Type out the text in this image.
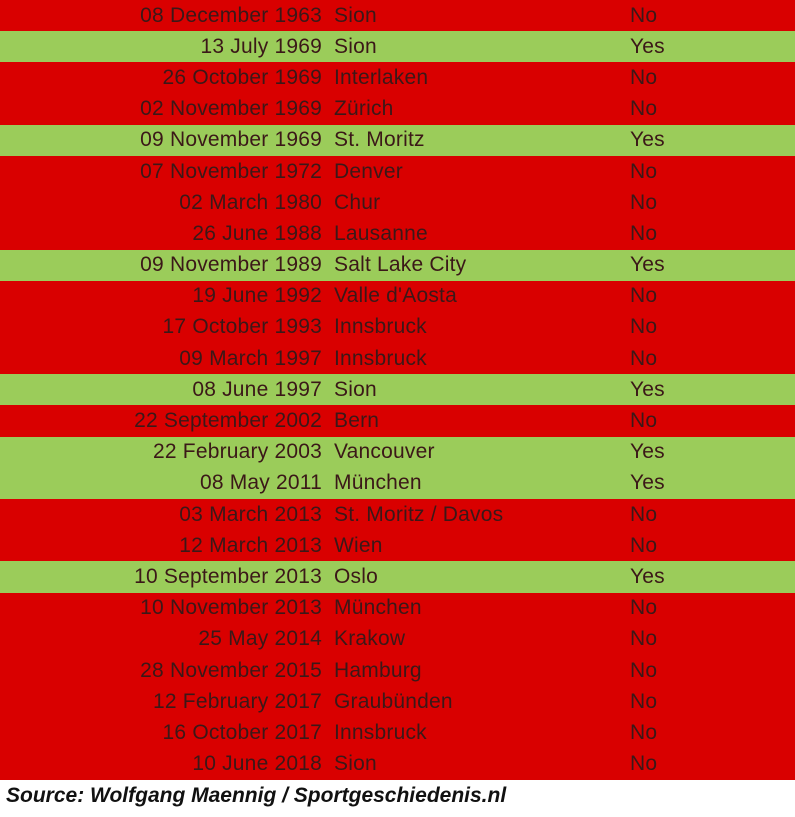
08 December 1963 Sion	No
13 July 1969 Sion	Yes
26 October 1969 Interlaken	No
02 November 1969 Zürich	No
09 November 1969 St. Moritz	Yes
07 November 1972 Denver	No
02 March 1980 Chur	No
26 June 1988 Lausanne	No
09 November 1989 Salt Lake City	Yes
19 June 1992 Valle d'Aosta	No
17 October 1993 Innsbruck	No
09 March 1997 Innsbruck	No
08 June 1997 Sion	Yes
22 September 2002 Bern	No
22 February 2003 Vancouver	Yes
08 May 2011 München	Yes
03 March 2013 St. Moritz / Davos	No
12 March 2013 Wien	No
10 September 2013 Oslo	Yes
10 November 2013 München	No
25 May 2014 Krakow	No
28 November 2015 Hamburg	No
12 February 2017 Graubünden	No
16 October 2017 Innsbruck	No
10 June 2018 Sion	No
Source: Wolfgang Maennig / Sportgeschiedenis.nl
